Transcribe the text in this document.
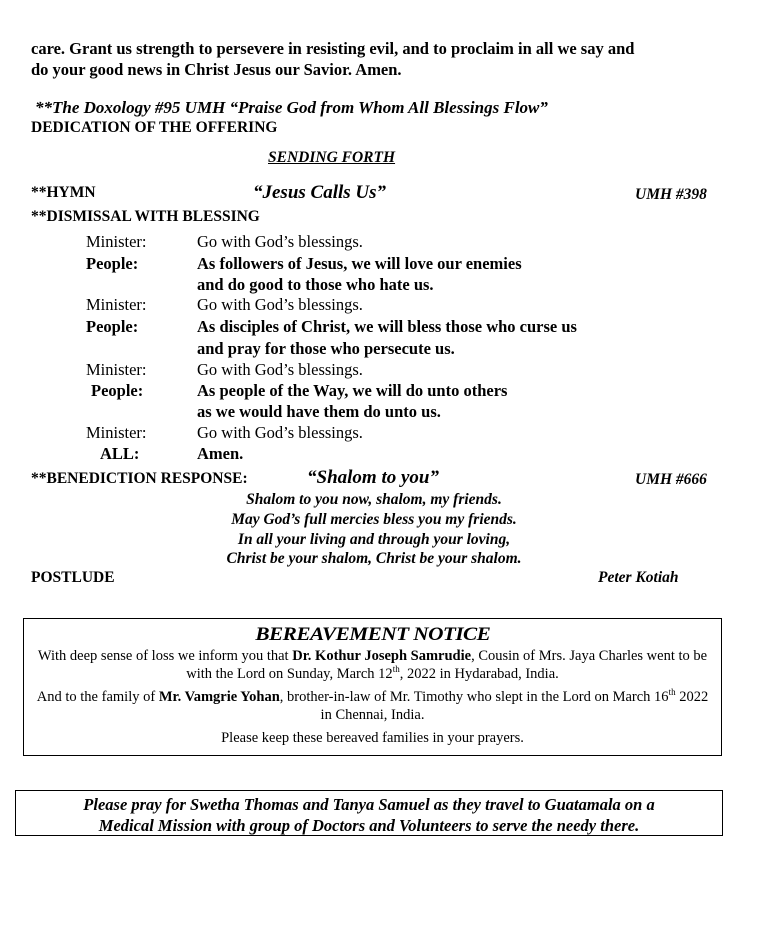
care. Grant us strength to persevere in resisting evil, and to proclaim in all we say and
do your good news in Christ Jesus our Savior. Amen.
**The Doxology #95 UMH “Praise God from Whom All Blessings Flow”
DEDICATION OF THE OFFERING
SENDING FORTH
**HYMN	“Jesus Calls Us”	UMH #398
**DISMISSAL WITH BLESSING
Minister:	Go with God’s blessings.
People:	As followers of Jesus, we will love our enemies
and do good to those who hate us.
Minister:	Go with God’s blessings.
People:	As disciples of Christ, we will bless those who curse us
and pray for those who persecute us.
Minister:	Go with God’s blessings.
People:	As people of the Way, we will do unto others
as we would have them do unto us.
Minister:	Go with God’s blessings.
ALL:	Amen.
**BENEDICTION RESPONSE:	“Shalom to you”	UMH #666
Shalom to you now, shalom, my friends.
May God’s full mercies bless you my friends.
In all your living and through your loving,
Christ be your shalom, Christ be your shalom.
POSTLUDE	Peter Kotiah
BEREAVEMENT NOTICE
With deep sense of loss we inform you that Dr. Kothur Joseph Samrudie, Cousin of Mrs. Jaya Charles went to be with the Lord on Sunday, March 12th, 2022 in Hydarabad, India.
And to the family of Mr. Vamgrie Yohan, brother-in-law of Mr. Timothy who slept in the Lord on March 16th 2022 in Chennai, India.
Please keep these bereaved families in your prayers.
Please pray for Swetha Thomas and Tanya Samuel as they travel to Guatamala on a
Medical Mission with group of Doctors and Volunteers to serve the needy there.
